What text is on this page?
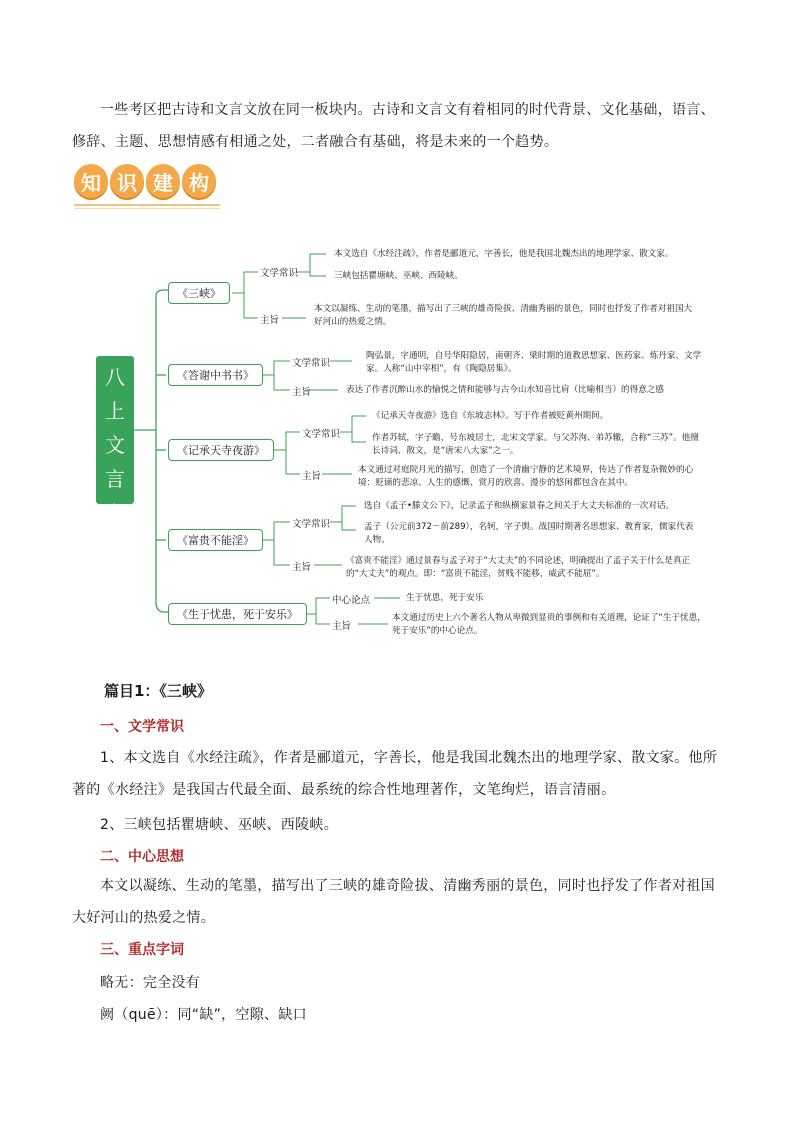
一些考区把古诗和文言文放在同一板块内。古诗和文言文有着相同的时代背景、文化基础，语言、修辞、主题、思想情感有相通之处，二者融合有基础，将是未来的一个趋势。
知 识 建 构
八上文言文
《三峡》
文学常识
本文选自《水经注疏》，作者是郦道元，字善长，他是我国北魏杰出的地理学家、散文家。
三峡包括瞿塘峡、巫峡、西陵峡。
主旨
本文以凝练、生动的笔墨，描写出了三峡的雄奇险拔、清幽秀丽的景色，同时也抒发了作者对祖国大好河山的热爱之情。
《答谢中书书》
文学常识
陶弘景，字通明，自号华阳隐居，南朝齐、梁时期的道教思想家、医药家、炼丹家、文学家。人称“山中宰相”，有《陶隐居集》。
主旨	表达了作者沉醉山水的愉悦之情和能够与古今山水知音比肩（比喻相当）的得意之感
《记承天寺夜游》
文学常识
《记承天寺夜游》选自《东坡志林》。写于作者被贬黄州期间。
作者苏轼，字子瞻，号东坡居士，北宋文学家。与父苏洵、弟苏辙，合称“三苏”。他擅长诗词、散文，是“唐宋八大家”之一。
主旨
本文通过对庭院月光的描写，创造了一个清幽宁静的艺术境界，传达了作者复杂微妙的心境：贬谪的悲凉、人生的感慨、赏月的欣喜、漫步的悠闲都包含在其中。
《富贵不能淫》
文学常识
选自《孟子•滕文公下》，记录孟子和纵横家景春之间关于大丈夫标准的一次对话。
孟子（公元前372－前289），名轲，字子舆。战国时期著名思想家、教育家，儒家代表人物。
主旨
《富贵不能淫》通过景春与孟子对于“大丈夫”的不同论述，明确提出了孟子关于什么是真正的“大丈夫”的观点。即：“富贵不能淫，贫贱不能移，威武不能屈”。
《生于忧患，死于安乐》
中心论点	生于忧患，死于安乐
主旨
本文通过历史上六个著名人物从卑微到显贵的事例和有关道理，论证了“生于忧患，死于安乐”的中心论点。
篇目1：《三峡》
一、文学常识
1、本文选自《水经注疏》，作者是郦道元，字善长，他是我国北魏杰出的地理学家、散文家。他所著的《水经注》是我国古代最全面、最系统的综合性地理著作，文笔绚烂，语言清丽。
2、三峡包括瞿塘峡、巫峡、西陵峡。
二、中心思想
本文以凝练、生动的笔墨，描写出了三峡的雄奇险拔、清幽秀丽的景色，同时也抒发了作者对祖国大好河山的热爱之情。
三、重点字词
略无：完全没有
阙（quē）：同“缺”，空隙、缺口
